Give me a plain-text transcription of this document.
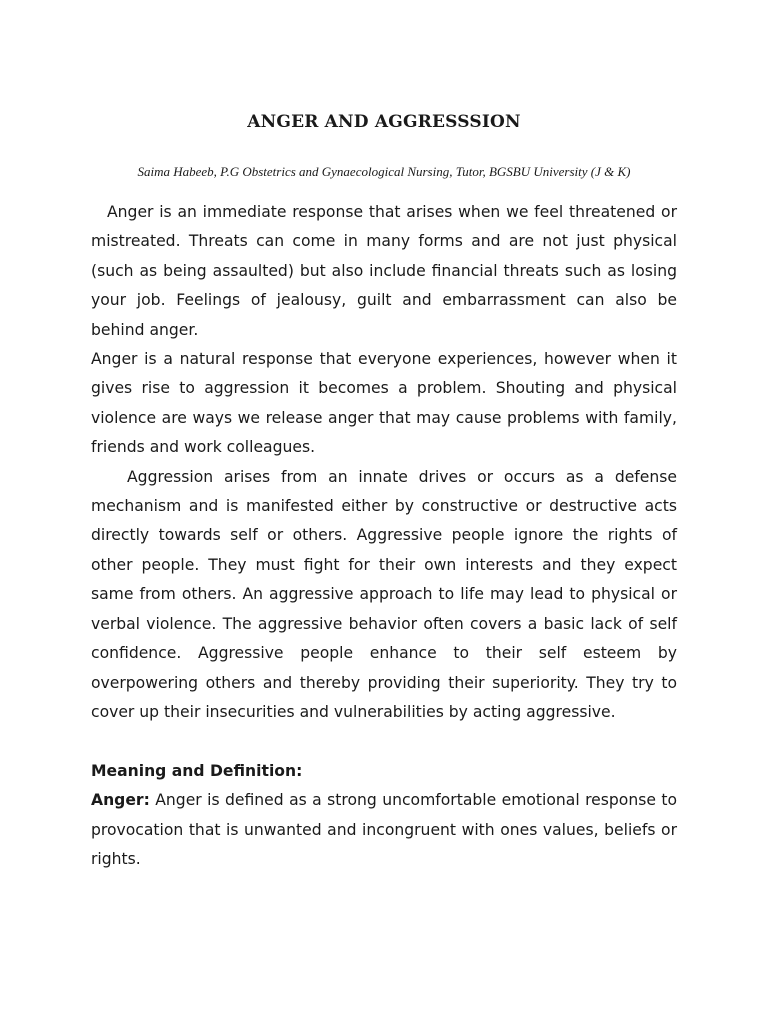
ANGER AND AGGRESSSION

Saima Habeeb, P.G Obstetrics and Gynaecological Nursing, Tutor, BGSBU University (J & K)

Anger is an immediate response that arises when we feel threatened or mistreated. Threats can come in many forms and are not just physical (such as being assaulted) but also include financial threats such as losing your job. Feelings of jealousy, guilt and embarrassment can also be behind anger.

Anger is a natural response that everyone experiences, however when it gives rise to aggression it becomes a problem. Shouting and physical violence are ways we release anger that may cause problems with family, friends and work colleagues.

Aggression arises from an innate drives or occurs as a defense mechanism and is manifested either by constructive or destructive acts directly towards self or others. Aggressive people ignore the rights of other people. They must fight for their own interests and they expect same from others. An aggressive approach to life may lead to physical or verbal violence. The aggressive behavior often covers a basic lack of self confidence. Aggressive people enhance to their self esteem by overpowering others and thereby providing their superiority. They try to cover up their insecurities and vulnerabilities by acting aggressive.

Meaning and Definition:

Anger: Anger is defined as a strong uncomfortable emotional response to provocation that is unwanted and incongruent with ones values, beliefs or rights.
